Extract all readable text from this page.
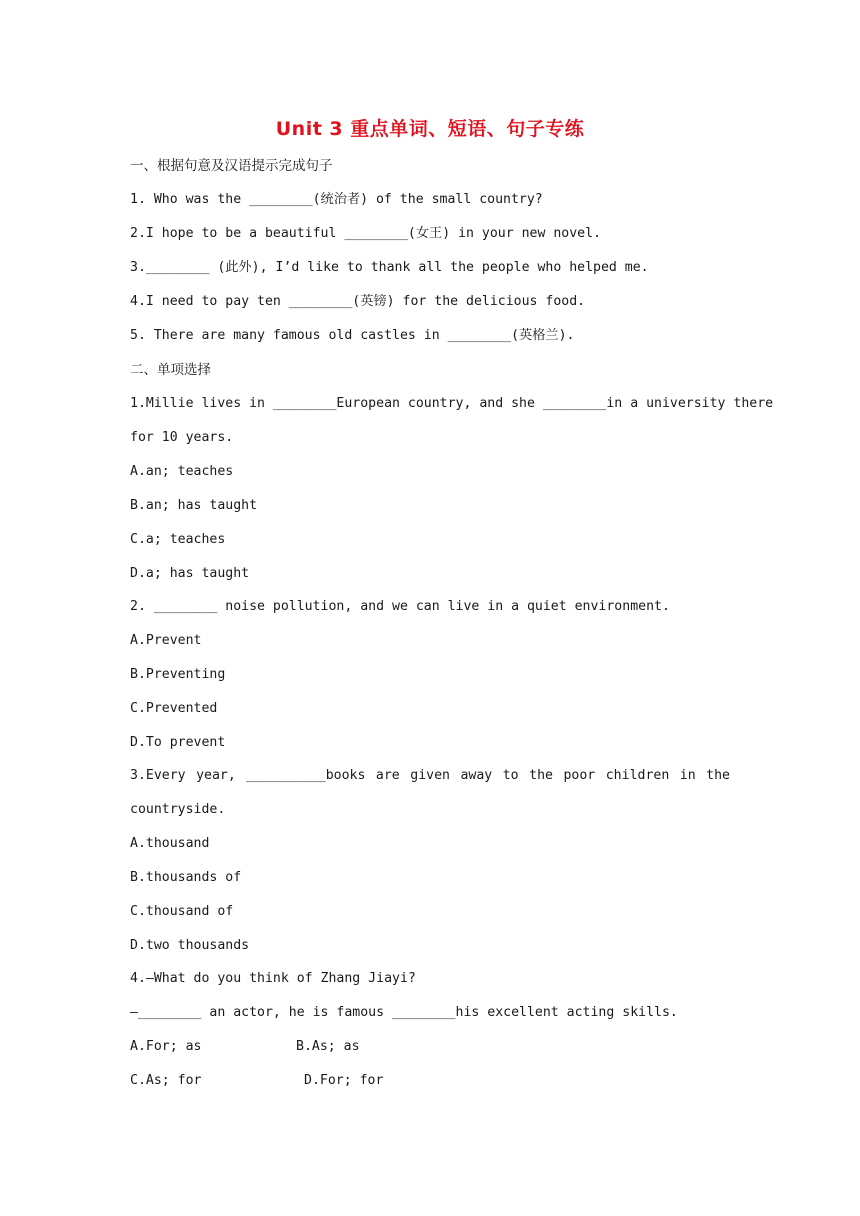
Unit 3 重点单词、短语、句子专练
一、根据句意及汉语提示完成句子
1. Who was the ________(统治者) of the small country?
2.I hope to be a beautiful ________(女王) in your new novel.
3.________ (此外), I’d like to thank all the people who helped me.
4.I need to pay ten ________(英镑) for the delicious food.
5. There are many famous old castles in ________(英格兰).
二、单项选择
1.Millie lives in ________European country, and she ________in a university there
for 10 years.
A.an; teaches
B.an; has taught
C.a; teaches
D.a; has taught
2. ________ noise pollution, and we can live in a quiet environment.
A.Prevent
B.Preventing
C.Prevented
D.To prevent
3.Every year, __________books are given away to the poor children in the
countryside.
A.thousand
B.thousands of
C.thousand of
D.two thousands
4.—What do you think of Zhang Jiayi?
—________ an actor, he is famous ________his excellent acting skills.
A.For; as	B.As; as
C.As; for	D.For; for
